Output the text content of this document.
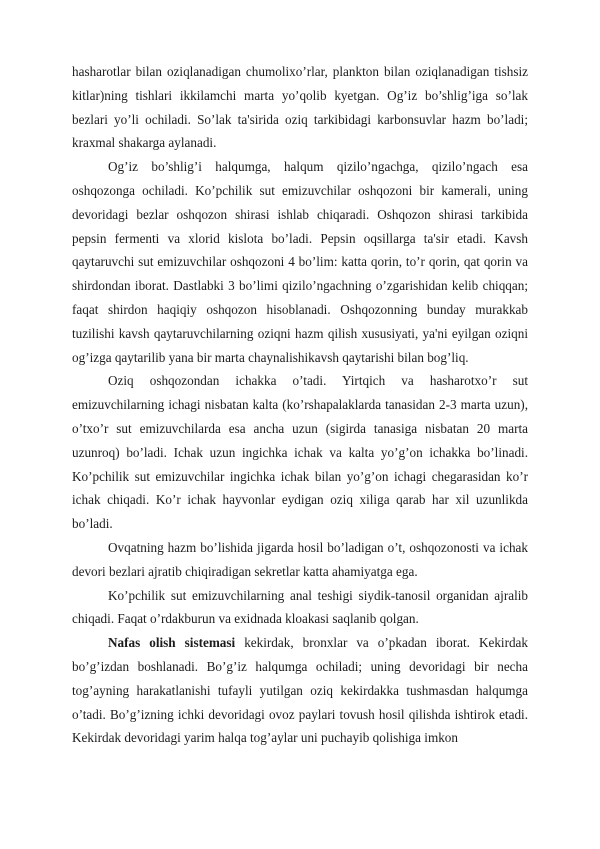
hasharotlar bilan oziqlanadigan chumolixo’rlar, plankton bilan oziqlanadigan tishsiz kitlar)ning tishlari ikkilamchi marta yo’qolib kyetgan. Og’iz bo’shlig’iga so’lak bezlari yo’li ochiladi. So’lak ta'sirida oziq tarkibidagi karbonsuvlar hazm bo’ladi; kraxmal shakarga aylanadi.

Og’iz bo’shlig’i halqumga, halqum qizilo’ngachga, qizilo’ngach esa oshqozonga ochiladi. Ko’pchilik sut emizuvchilar oshqozoni bir kamerali, uning devoridagi bezlar oshqozon shirasi ishlab chiqaradi. Oshqozon shirasi tarkibida pepsin fermenti va xlorid kislota bo’ladi. Pepsin oqsillarga ta'sir etadi. Kavsh qaytaruvchi sut emizuvchilar oshqozoni 4 bo’lim: katta qorin, to’r qorin, qat qorin va shirdondan iborat. Dastlabki 3 bo’limi qizilo’ngachning o’zgarishidan kelib chiqqan; faqat shirdon haqiqiy oshqozon hisoblanadi. Oshqozonning bunday murakkab tuzilishi kavsh qaytaruvchilarning oziqni hazm qilish xususiyati, ya'ni eyilgan oziqni og’izga qaytarilib yana bir marta chaynalishikavsh qaytarishi bilan bog’liq.

Oziq oshqozondan ichakka o’tadi. Yirtqich va hasharotxo’r sut emizuvchilarning ichagi nisbatan kalta (ko’rshapalaklarda tanasidan 2-3 marta uzun), o’txo’r sut emizuvchilarda esa ancha uzun (sigirda tanasiga nisbatan 20 marta uzunroq) bo’ladi. Ichak uzun ingichka ichak va kalta yo’g’on ichakka bo’linadi. Ko’pchilik sut emizuvchilar ingichka ichak bilan yo’g’on ichagi chegarasidan ko’r ichak chiqadi. Ko’r ichak hayvonlar eydigan oziq xiliga qarab har xil uzunlikda bo’ladi.

Ovqatning hazm bo’lishida jigarda hosil bo’ladigan o’t, oshqozonosti va ichak devori bezlari ajratib chiqiradigan sekretlar katta ahamiyatga ega.

Ko’pchilik sut emizuvchilarning anal teshigi siydik-tanosil organidan ajralib chiqadi. Faqat o’rdakburun va exidnada kloakasi saqlanib qolgan.

Nafas olish sistemasi kekirdak, bronxlar va o’pkadan iborat. Kekirdak bo’g’izdan boshlanadi. Bo’g’iz halqumga ochiladi; uning devoridagi bir necha tog’ayning harakatlanishi tufayli yutilgan oziq kekirdakka tushmasdan halqumga o’tadi. Bo’g’izning ichki devoridagi ovoz paylari tovush hosil qilishda ishtirok etadi. Kekirdak devoridagi yarim halqa tog’aylar uni puchayib qolishiga imkon
